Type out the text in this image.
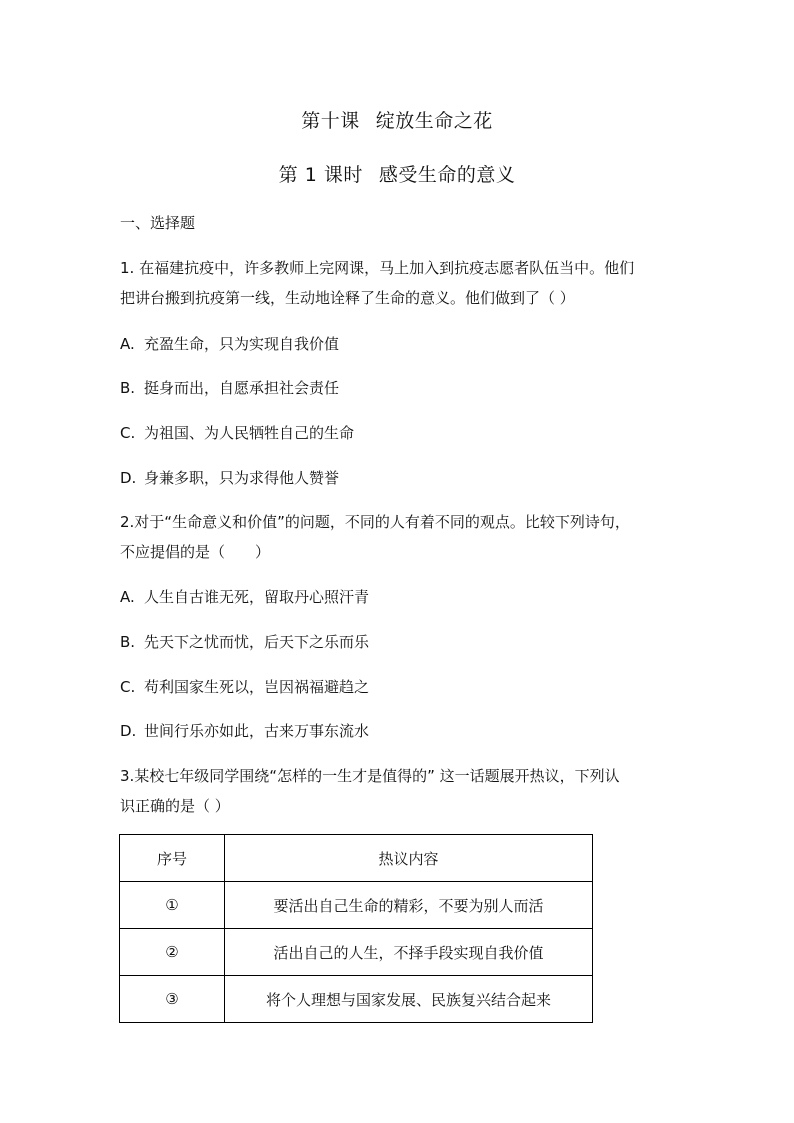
第十课 绽放生命之花
第 1 课时 感受生命的意义
一、选择题
1. 在福建抗疫中，许多教师上完网课，马上加入到抗疫志愿者队伍当中。他们
把讲台搬到抗疫第一线，生动地诠释了生命的意义。他们做到了（ ）
A. 充盈生命，只为实现自我价值
B. 挺身而出，自愿承担社会责任
C. 为祖国、为人民牺牲自己的生命
D. 身兼多职，只为求得他人赞誉
2.对于“生命意义和价值”的问题，不同的人有着不同的观点。比较下列诗句，
不应提倡的是（　　）
A. 人生自古谁无死，留取丹心照汗青
B. 先天下之忧而忧，后天下之乐而乐
C. 苟利国家生死以，岂因祸福避趋之
D. 世间行乐亦如此，古来万事东流水
3.某校七年级同学围绕“怎样的一生才是值得的” 这一话题展开热议，下列认
识正确的是（ ）
序号	热议内容
①	要活出自己生命的精彩，不要为别人而活
②	活出自己的人生，不择手段实现自我价值
③	将个人理想与国家发展、民族复兴结合起来
